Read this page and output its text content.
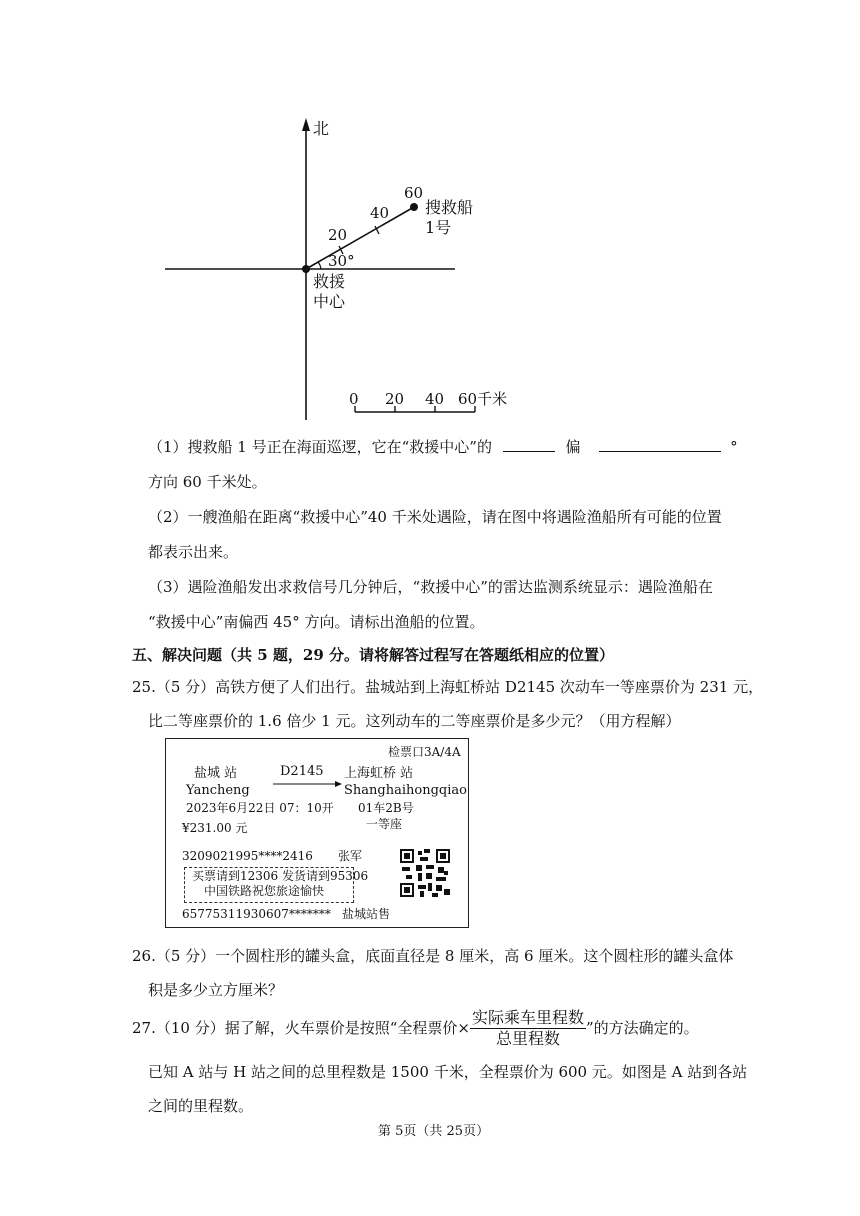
北
60
40
20
30°
搜救船
1号
救援
中心
0 20 40 60千米
（1）搜救船 1 号正在海面巡逻，它在“救援中心”的	偏	°
方向 60 千米处。
（2）一艘渔船在距离“救援中心”40 千米处遇险，请在图中将遇险渔船所有可能的位置
都表示出来。
（3）遇险渔船发出求救信号几分钟后，“救援中心”的雷达监测系统显示：遇险渔船在
“救援中心”南偏西 45° 方向。请标出渔船的位置。
五、解决问题（共 5 题，29 分。请将解答过程写在答题纸相应的位置）
25.（5 分）高铁方便了人们出行。盐城站到上海虹桥站 D2145 次动车一等座票价为 231 元，
比二等座票价的 1.6 倍少 1 元。这列动车的二等座票价是多少元？（用方程解）
检票口3A/4A
盐城 站
Yancheng
D2145 上海虹桥 站
Shanghaihongqiao
2023年6月22日 07：10开 01车2B号
¥231.00 元	一等座
3209021995****2416 张军
买票请到12306 发货请到95306
中国铁路祝您旅途愉快
65775311930607******* 盐城站售
26.（5 分）一个圆柱形的罐头盒，底面直径是 8 厘米，高 6 厘米。这个圆柱形的罐头盒体
积是多少立方厘米？
27.（10 分）据了解，火车票价是按照“全程票价× $\frac{\text{实际乘车里程数}}{\text{总里程数}}$ ”的方法确定的。
已知 A 站与 H 站之间的总里程数是 1500 千米，全程票价为 600 元。如图是 A 站到各站
之间的里程数。
第 5页（共 25页）
